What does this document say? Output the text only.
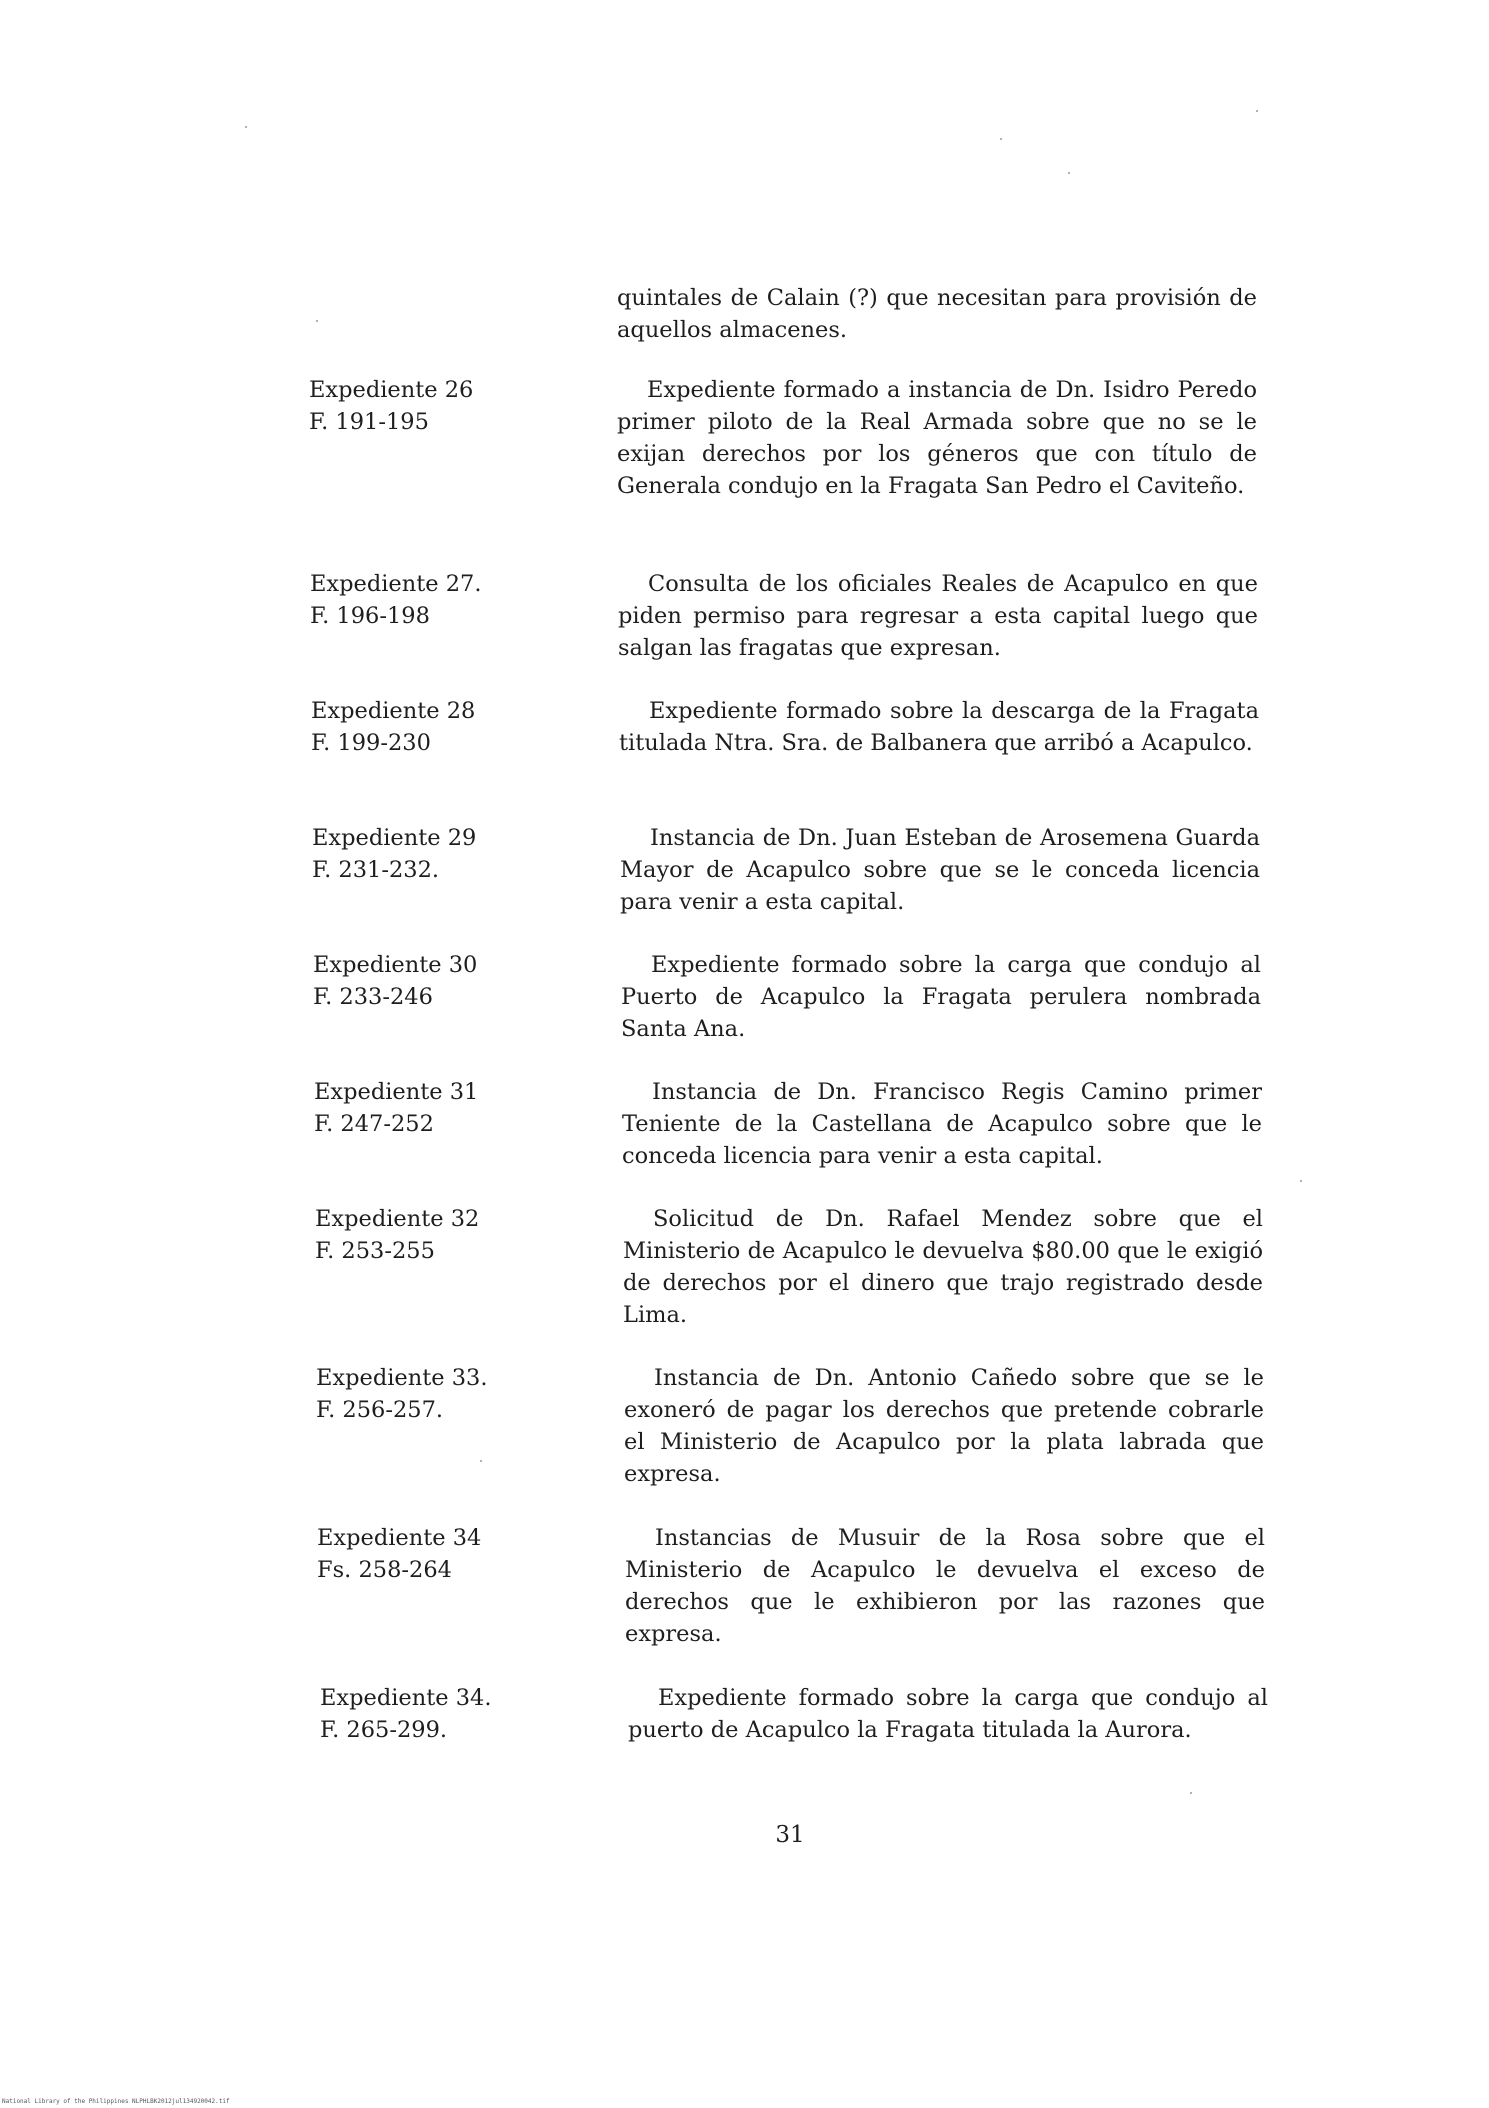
quintales de Calain (?) que necesitan para provisión de aquellos almacenes.

Expediente 26
F. 191-195

Expediente formado a instancia de Dn. Isidro Peredo primer piloto de la Real Armada sobre que no se le exijan derechos por los géneros que con título de Generala condujo en la Fragata San Pedro el Caviteño.

Expediente 27.
F. 196-198

Consulta de los oficiales Reales de Acapulco en que piden permiso para regresar a esta capital luego que salgan las fragatas que expresan.

Expediente 28
F. 199-230

Expediente formado sobre la descarga de la Fragata titulada Ntra. Sra. de Balbanera que arribó a Acapulco.

Expediente 29
F. 231-232.

Instancia de Dn. Juan Esteban de Arosemena Guarda Mayor de Acapulco sobre que se le conceda licencia para venir a esta capital.

Expediente 30
F. 233-246

Expediente formado sobre la carga que condujo al Puerto de Acapulco la Fragata perulera nombrada Santa Ana.

Expediente 31
F. 247-252

Instancia de Dn. Francisco Regis Camino primer Teniente de la Castellana de Acapulco sobre que le conceda licencia para venir a esta capital.

Expediente 32
F. 253-255

Solicitud de Dn. Rafael Mendez sobre que el Ministerio de Acapulco le devuelva $80.00 que le exigió de derechos por el dinero que trajo registrado desde Lima.

Expediente 33.
F. 256-257.

Instancia de Dn. Antonio Cañedo sobre que se le exoneró de pagar los derechos que pretende cobrarle el Ministerio de Acapulco por la plata labrada que expresa.

Expediente 34
Fs. 258-264

Instancias de Musuir de la Rosa sobre que el Ministerio de Acapulco le devuelva el exceso de derechos que le exhibieron por las razones que expresa.

Expediente 34.
F. 265-299.

Expediente formado sobre la carga que condujo al puerto de Acapulco la Fragata titulada la Aurora.

31
National Library of the Philippines NLPHLBK2012jul134920042.tif
